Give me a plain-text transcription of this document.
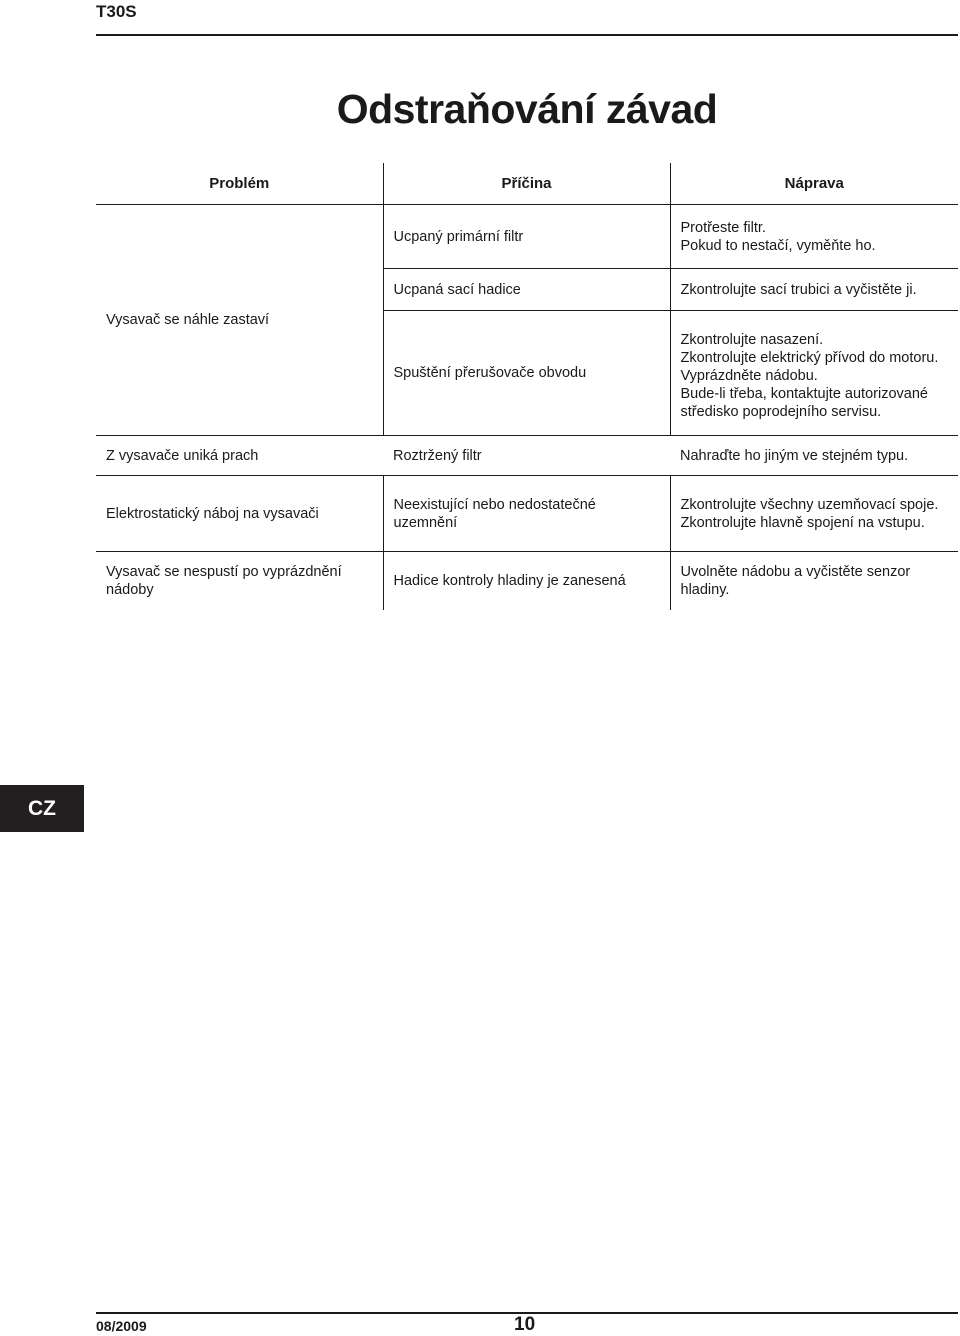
T30S
Odstraňování závad
Problém	Příčina	Náprava
Vysavač se náhle zastaví	Ucpaný primární filtr	Protřeste filtr.
Pokud to nestačí, vyměňte ho.

	Ucpaná sací hadice	Zkontrolujte sací trubici a vyčistěte ji.
	Spuštění přerušovače obvodu	Zkontrolujte nasazení.
Zkontrolujte elektrický přívod do motoru.
Vyprázdněte nádobu.
Bude-li třeba, kontaktujte autorizované středisko poprodejního servisu.

Z vysavače uniká prach	Roztržený filtr	Nahraďte ho jiným ve stejném typu.
Elektrostatický náboj na vysavači	Neexistující nebo nedostatečné uzemnění	Zkontrolujte všechny uzemňovací spoje. Zkontrolujte hlavně spojení na vstupu.
Vysavač se nespustí po vyprázdnění nádoby	Hadice kontroly hladiny je zanesená	Uvolněte nádobu a vyčistěte senzor hladiny.
CZ
08/2009	10
